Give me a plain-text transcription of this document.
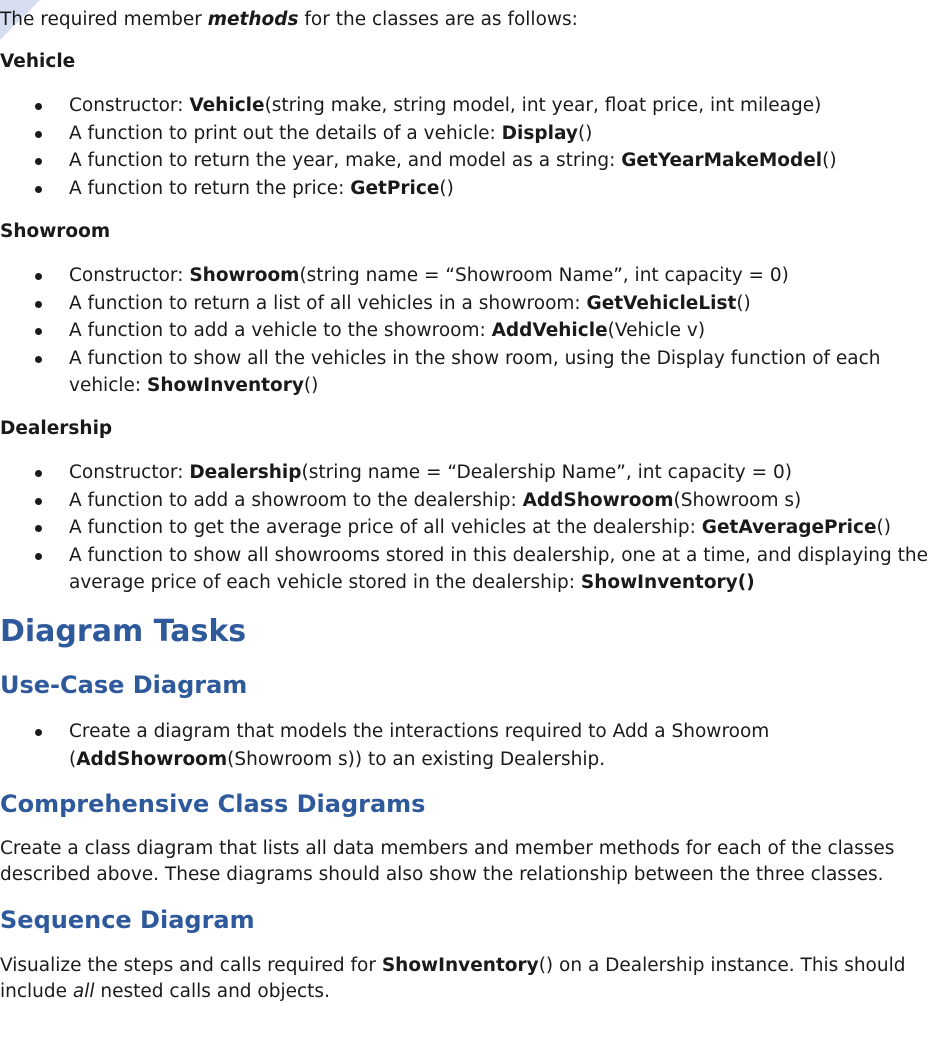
The required member methods for the classes are as follows:

Vehicle
Constructor: Vehicle(string make, string model, int year, float price, int mileage)
A function to print out the details of a vehicle: Display()
A function to return the year, make, and model as a string: GetYearMakeModel()
A function to return the price: GetPrice()
Showroom
Constructor: Showroom(string name = “Showroom Name”, int capacity = 0)
A function to return a list of all vehicles in a showroom: GetVehicleList()
A function to add a vehicle to the showroom: AddVehicle(Vehicle v)
A function to show all the vehicles in the show room, using the Display function of each vehicle: ShowInventory()
Dealership
Constructor: Dealership(string name = “Dealership Name”, int capacity = 0)
A function to add a showroom to the dealership: AddShowroom(Showroom s)
A function to get the average price of all vehicles at the dealership: GetAveragePrice()
A function to show all showrooms stored in this dealership, one at a time, and displaying the average price of each vehicle stored in the dealership: ShowInventory()
Diagram Tasks
Use-Case Diagram
Create a diagram that models the interactions required to Add a Showroom (AddShowroom(Showroom s)) to an existing Dealership.
Comprehensive Class Diagrams

Create a class diagram that lists all data members and member methods for each of the classes described above. These diagrams should also show the relationship between the three classes.

Sequence Diagram

Visualize the steps and calls required for ShowInventory() on a Dealership instance. This should include all nested calls and objects.
